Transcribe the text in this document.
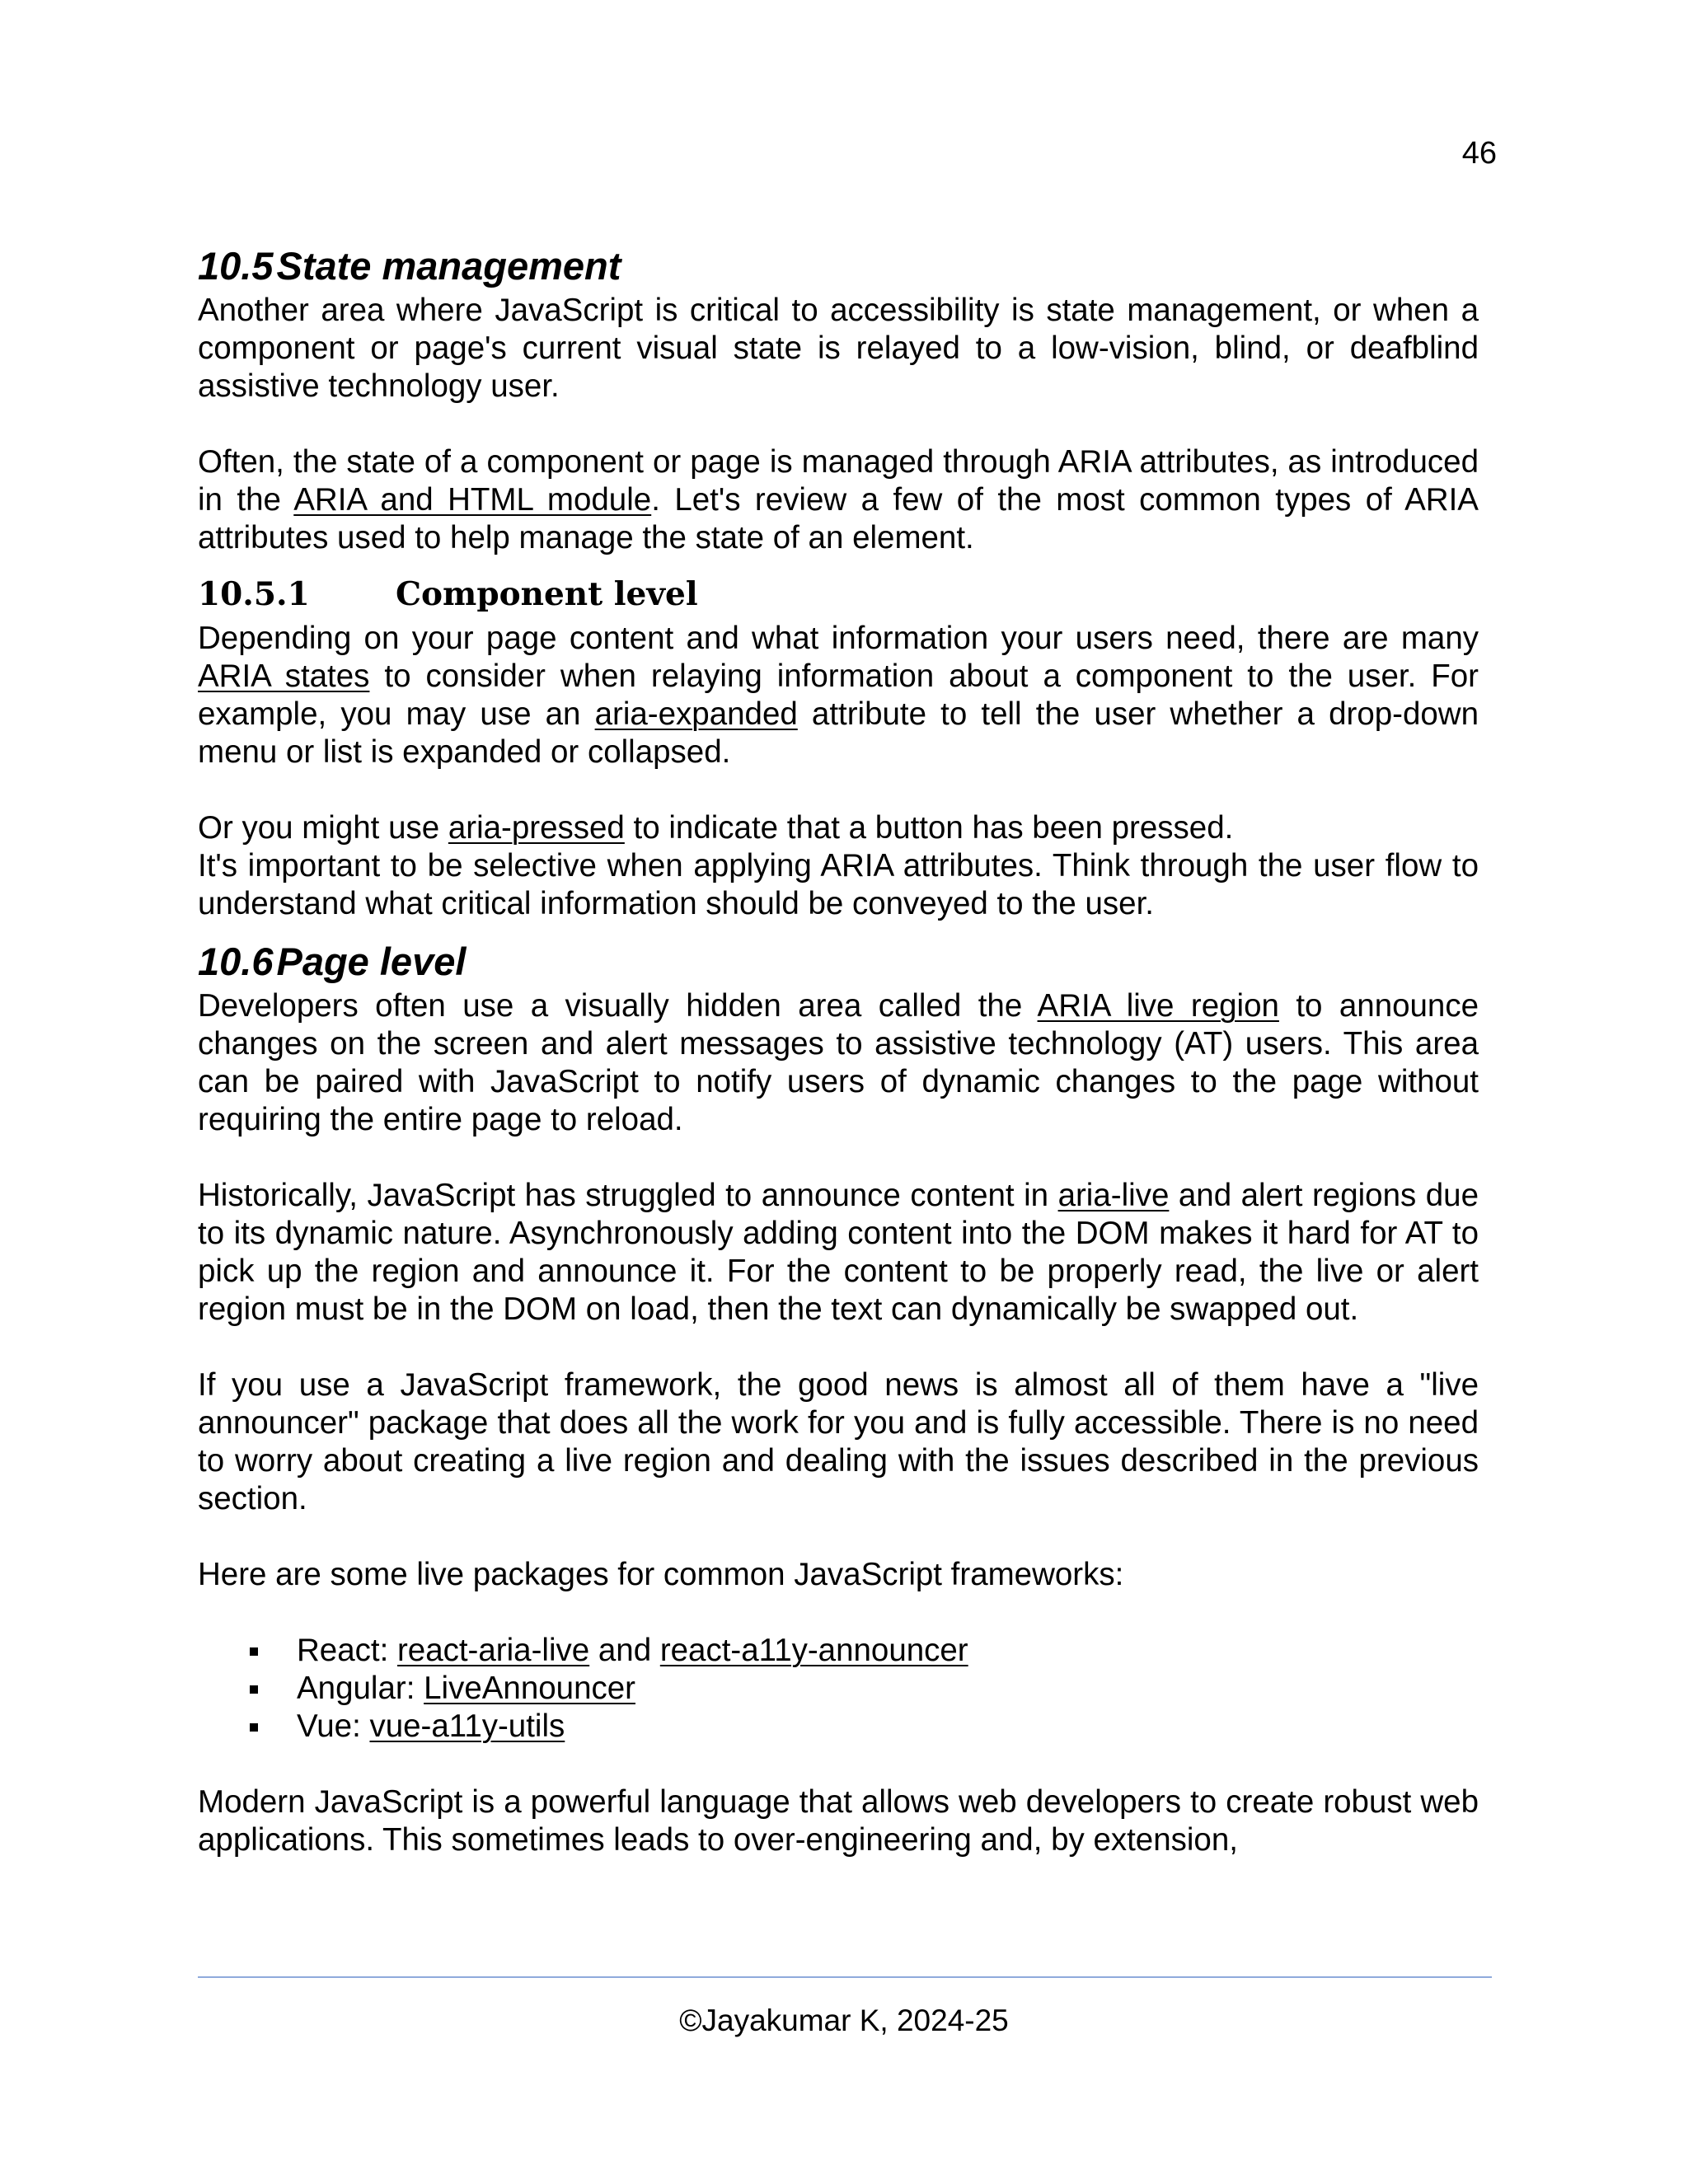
46
10.5State management

Another area where JavaScript is critical to accessibility is state management, or when a component or page's current visual state is relayed to a low-vision, blind, or deafblind assistive technology user.

Often, the state of a component or page is managed through ARIA attributes, as introduced in the ARIA and HTML module. Let's review a few of the most common types of ARIA attributes used to help manage the state of an element.

10.5.1	Component level

Depending on your page content and what information your users need, there are many ARIA states to consider when relaying information about a component to the user. For example, you may use an aria-expanded attribute to tell the user whether a drop-down menu or list is expanded or collapsed.

Or you might use aria-pressed to indicate that a button has been pressed.

It's important to be selective when applying ARIA attributes. Think through the user flow to understand what critical information should be conveyed to the user.

10.6Page level

Developers often use a visually hidden area called the ARIA live region to announce changes on the screen and alert messages to assistive technology (AT) users. This area can be paired with JavaScript to notify users of dynamic changes to the page without requiring the entire page to reload.

Historically, JavaScript has struggled to announce content in aria-live and alert regions due to its dynamic nature. Asynchronously adding content into the DOM makes it hard for AT to pick up the region and announce it. For the content to be properly read, the live or alert region must be in the DOM on load, then the text can dynamically be swapped out.

If you use a JavaScript framework, the good news is almost all of them have a "live announcer" package that does all the work for you and is fully accessible. There is no need to worry about creating a live region and dealing with the issues described in the previous section.

Here are some live packages for common JavaScript frameworks:

React: react-aria-live and react-a11y-announcer
Angular: LiveAnnouncer
Vue: vue-a11y-utils

Modern JavaScript is a powerful language that allows web developers to create robust web applications. This sometimes leads to over-engineering and, by extension,

©Jayakumar K, 2024-25
